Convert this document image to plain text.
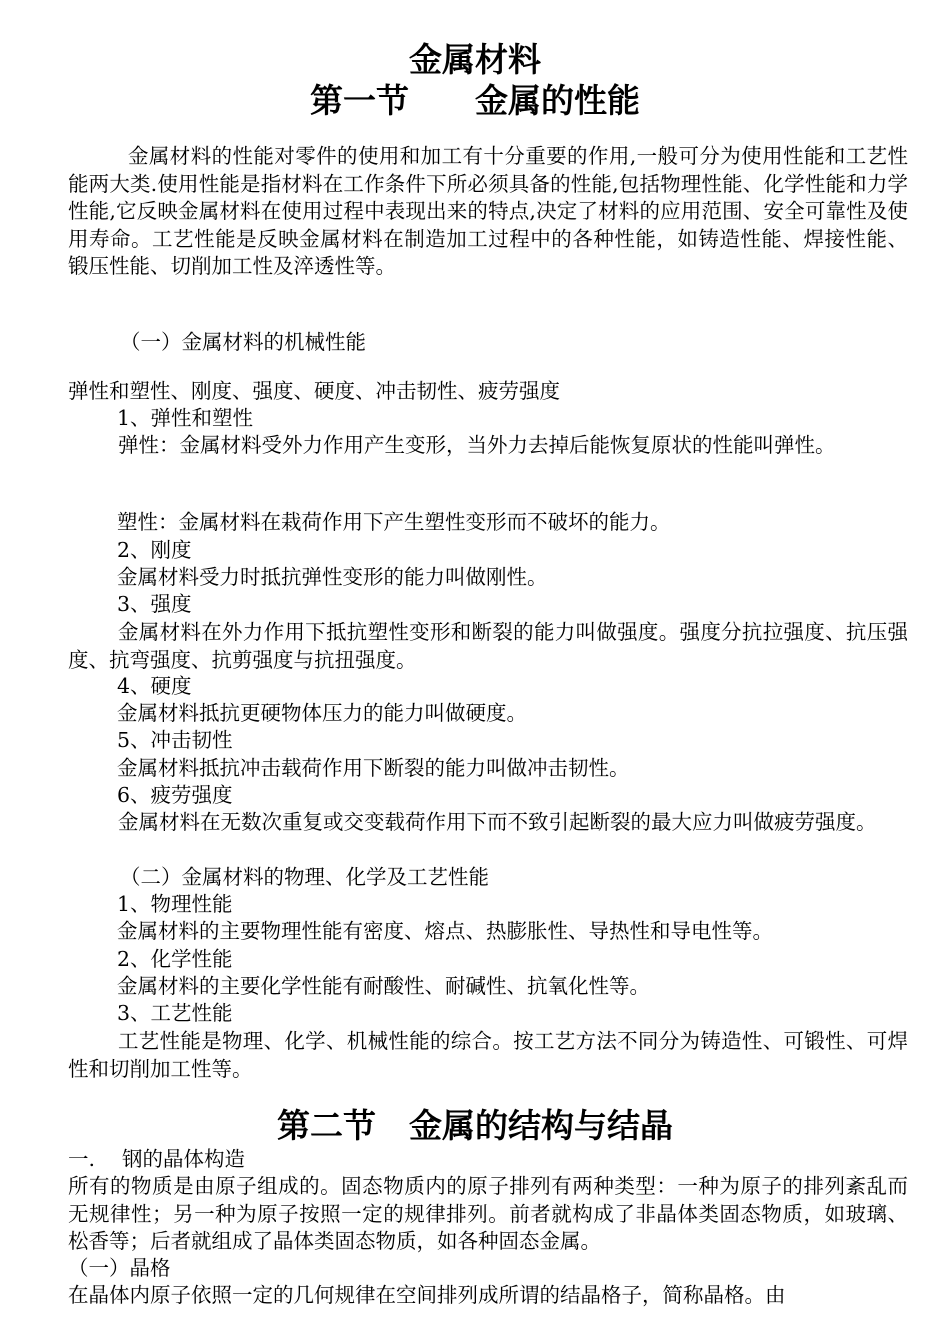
金属材料
第一节　　金属的性能
金属材料的性能对零件的使用和加工有十分重要的作用,一般可分为使用性能和工艺性能两大类.使用性能是指材料在工作条件下所必须具备的性能,包括物理性能、化学性能和力学性能,它反映金属材料在使用过程中表现出来的特点,决定了材料的应用范围、安全可靠性及使用寿命。工艺性能是反映金属材料在制造加工过程中的各种性能，如铸造性能、焊接性能、锻压性能、切削加工性及淬透性等。
（一）金属材料的机械性能
弹性和塑性、刚度、强度、硬度、冲击韧性、疲劳强度
1、弹性和塑性
弹性：金属材料受外力作用产生变形，当外力去掉后能恢复原状的性能叫弹性。
塑性：金属材料在栽荷作用下产生塑性变形而不破坏的能力。
2、刚度
金属材料受力时抵抗弹性变形的能力叫做刚性。
3、强度
金属材料在外力作用下抵抗塑性变形和断裂的能力叫做强度。强度分抗拉强度、抗压强度、抗弯强度、抗剪强度与抗扭强度。
4、硬度
金属材料抵抗更硬物体压力的能力叫做硬度。
5、冲击韧性
金属材料抵抗冲击载荷作用下断裂的能力叫做冲击韧性。
6、疲劳强度
金属材料在无数次重复或交变载荷作用下而不致引起断裂的最大应力叫做疲劳强度。
（二）金属材料的物理、化学及工艺性能
1、物理性能
金属材料的主要物理性能有密度、熔点、热膨胀性、导热性和导电性等。
2、化学性能
金属材料的主要化学性能有耐酸性、耐碱性、抗氧化性等。
3、工艺性能
工艺性能是物理、化学、机械性能的综合。按工艺方法不同分为铸造性、可锻性、可焊性和切削加工性等。
第二节　金属的结构与结晶
一.　 钢的晶体构造
所有的物质是由原子组成的。固态物质内的原子排列有两种类型：一种为原子的排列紊乱而无规律性；另一种为原子按照一定的规律排列。前者就构成了非晶体类固态物质，如玻璃、松香等；后者就组成了晶体类固态物质，如各种固态金属。
（一）晶格
在晶体内原子依照一定的几何规律在空间排列成所谓的结晶格子，简称晶格。由
